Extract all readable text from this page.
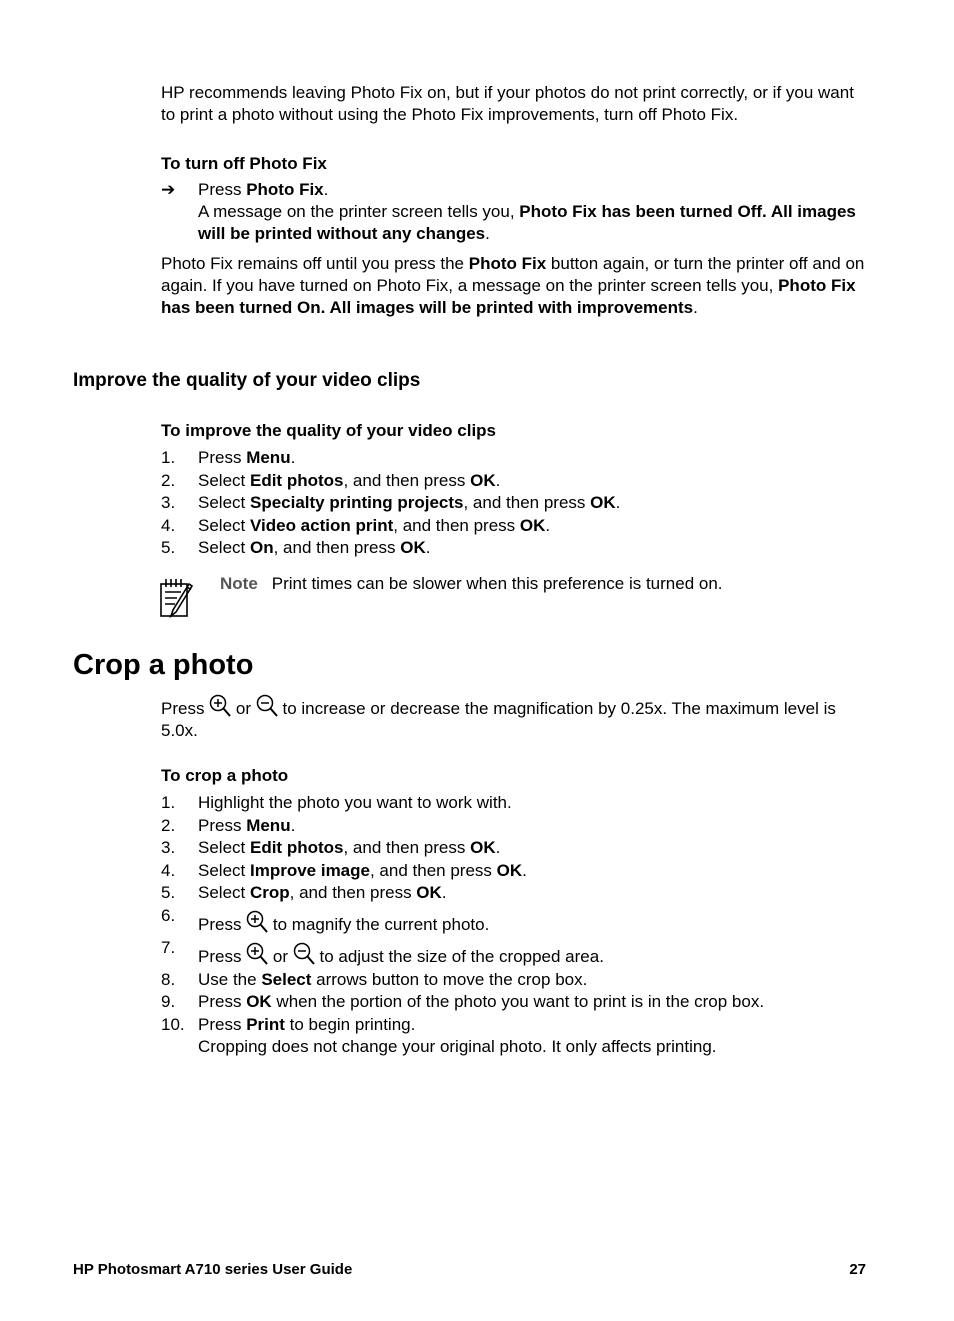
HP recommends leaving Photo Fix on, but if your photos do not print correctly, or if you want to print a photo without using the Photo Fix improvements, turn off Photo Fix.

To turn off Photo Fix
➔ Press Photo Fix.
A message on the printer screen tells you, Photo Fix has been turned Off. All images will be printed without any changes.

Photo Fix remains off until you press the Photo Fix button again, or turn the printer off and on again. If you have turned on Photo Fix, a message on the printer screen tells you, Photo Fix has been turned On. All images will be printed with improvements.

Improve the quality of your video clips
To improve the quality of your video clips
1. Press Menu.
2. Select Edit photos, and then press OK.
3. Select Specialty printing projects, and then press OK.
4. Select Video action print, and then press OK.
5. Select On, and then press OK.
Note Print times can be slower when this preference is turned on.
Crop a photo

Press  or  to increase or decrease the magnification by 0.25x. The maximum level is 5.0x.

To crop a photo
1. Highlight the photo you want to work with.
2. Press Menu.
3. Select Edit photos, and then press OK.
4. Select Improve image, and then press OK.
5. Select Crop, and then press OK.
6. Press  to magnify the current photo.
7. Press  or  to adjust the size of the cropped area.
8. Use the Select arrows button to move the crop box.
9. Press OK when the portion of the photo you want to print is in the crop box.
10. Press Print to begin printing.
Cropping does not change your original photo. It only affects printing.
HP Photosmart A710 series User Guide	27
